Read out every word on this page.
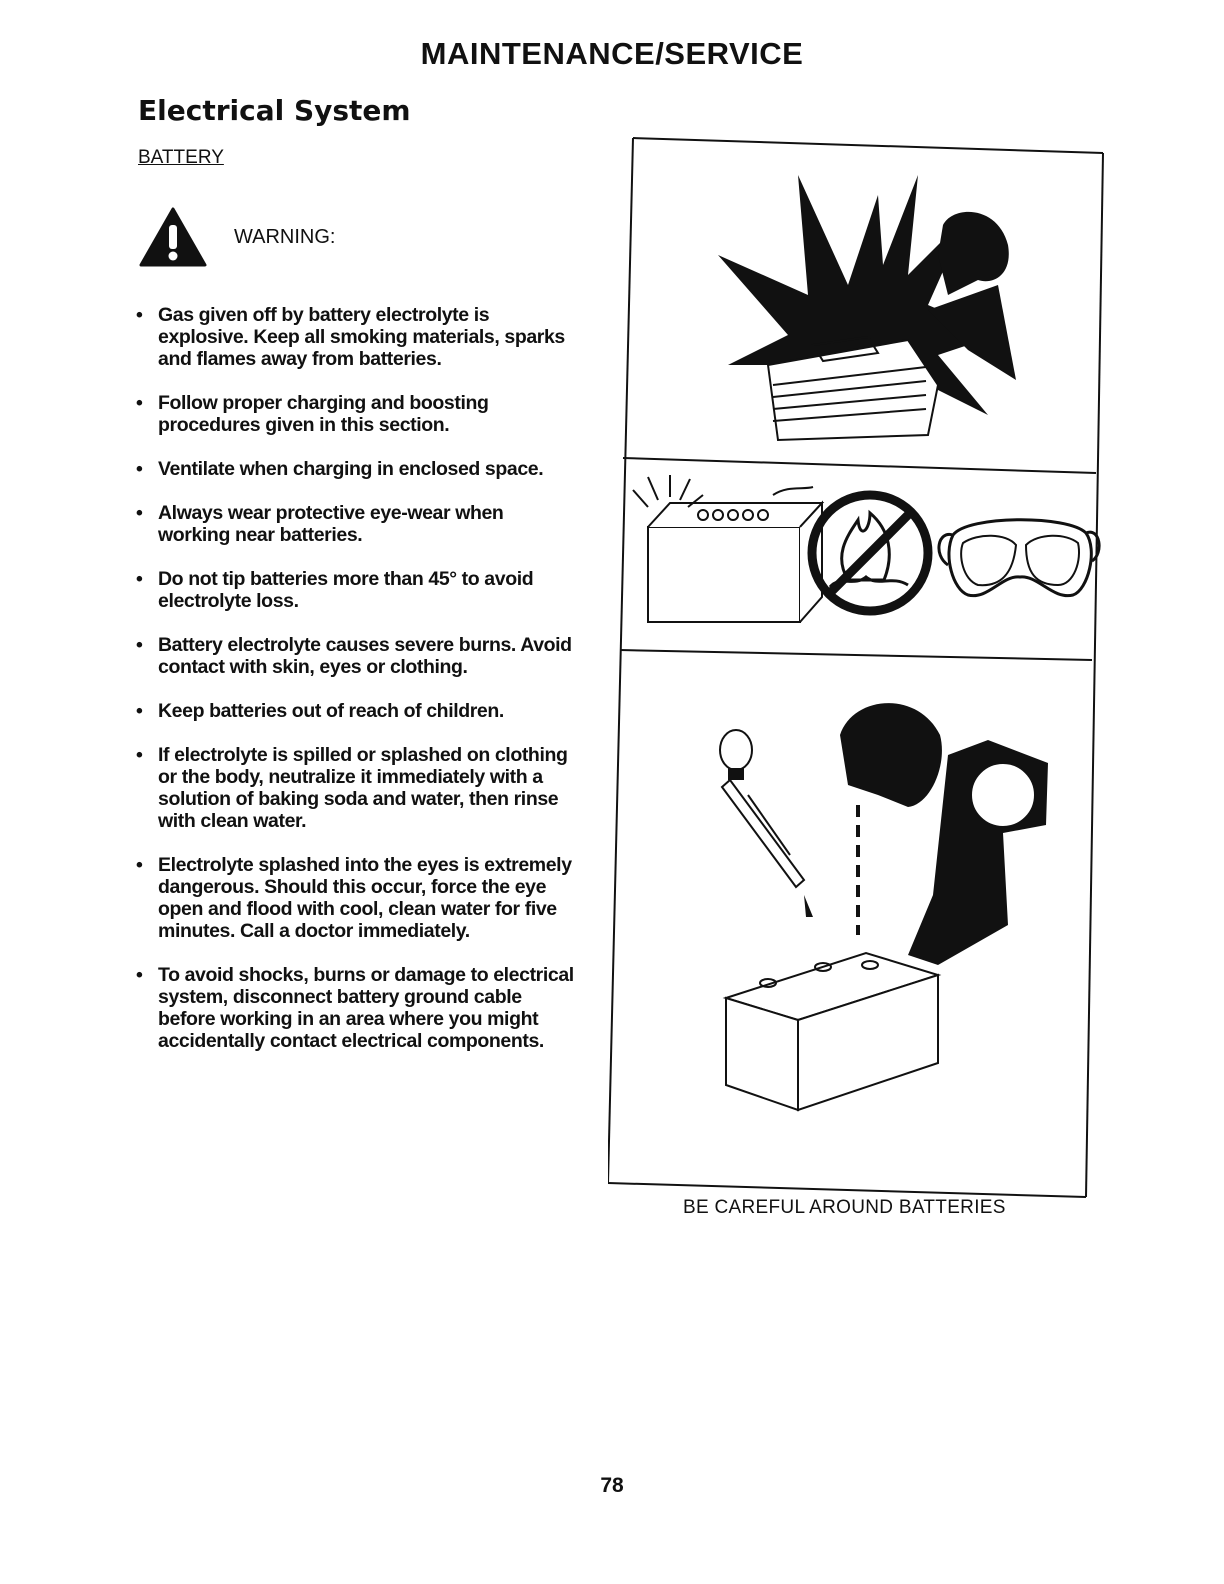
MAINTENANCE/SERVICE
Electrical System
BATTERY
WARNING:
• Gas given off by battery electrolyte is explosive. Keep all smoking materials, sparks and flames away from batteries.
• Follow proper charging and boosting procedures given in this section.
• Ventilate when charging in enclosed space.
• Always wear protective eye-wear when working near batteries.
• Do not tip batteries more than 45° to avoid electrolyte loss.
• Battery electrolyte causes severe burns. Avoid contact with skin, eyes or clothing.
• Keep batteries out of reach of children.
• If electrolyte is spilled or splashed on clothing or the body, neutralize it immediately with a solution of baking soda and water, then rinse with clean water.
• Electrolyte splashed into the eyes is extremely dangerous. Should this occur, force the eye open and flood with cool, clean water for five minutes. Call a doctor immediately.
• To avoid shocks, burns or damage to electrical system, disconnect battery ground cable before working in an area where you might accidentally contact electrical components.
BE CAREFUL AROUND BATTERIES
78
